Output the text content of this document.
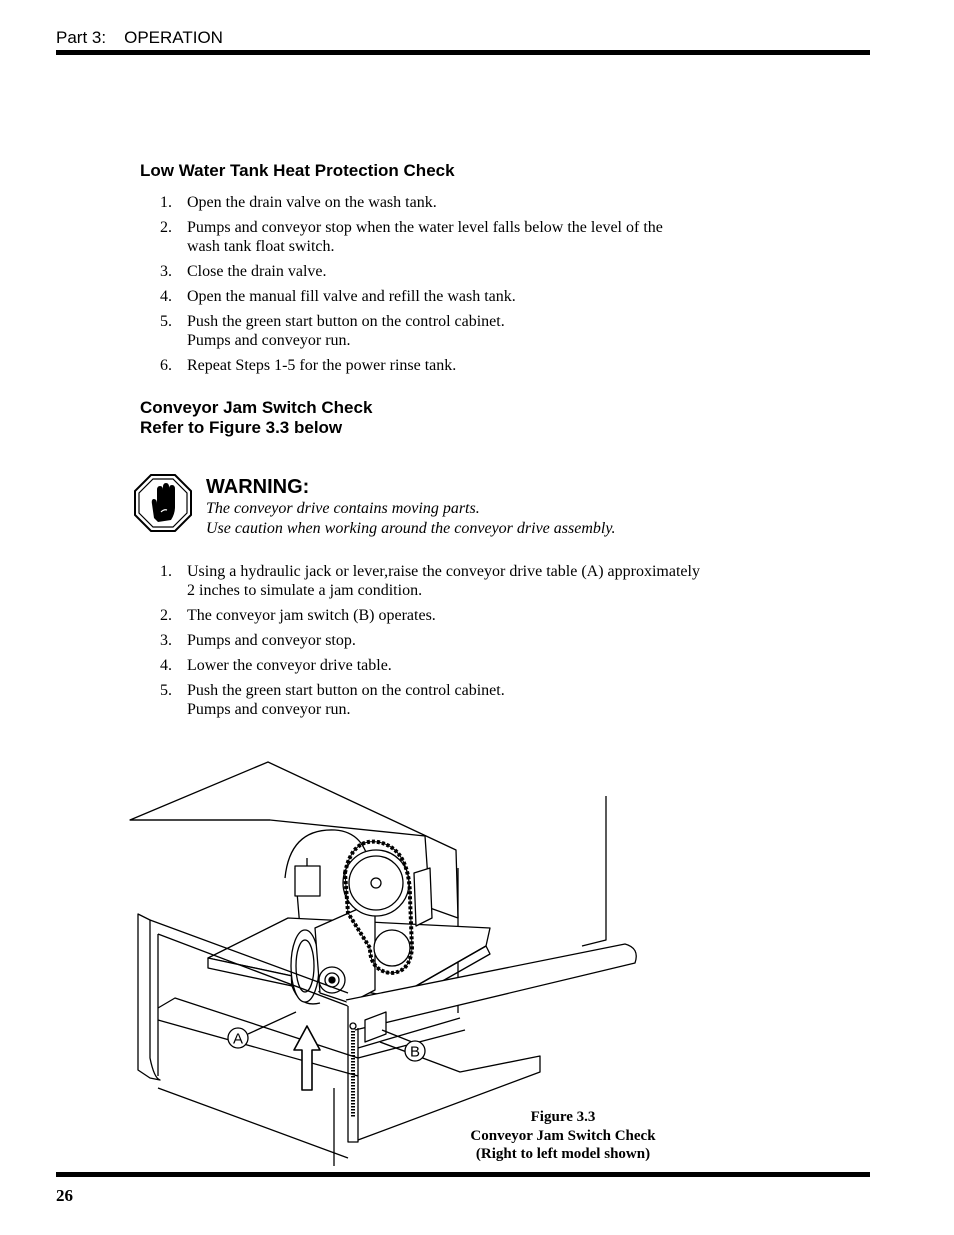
Part 3: OPERATION
Low Water Tank Heat Protection Check
1. Open the drain valve on the wash tank.
2. Pumps and conveyor stop when the water level falls below the level of the
wash tank float switch.
3. Close the drain valve.
4. Open the manual fill valve and refill the wash tank.
5. Push the green start button on the control cabinet.
Pumps and conveyor run.
6. Repeat Steps 1-5 for the power rinse tank.
Conveyor Jam Switch Check
Refer to Figure 3.3 below
WARNING:
The conveyor drive contains moving parts.
Use caution when working around the conveyor drive assembly.
1. Using a hydraulic jack or lever,raise the conveyor drive table (A) approximately
2 inches to simulate a jam condition.
2. The conveyor jam switch (B) operates.
3. Pumps and conveyor stop.
4. Lower the conveyor drive table.
5. Push the green start button on the control cabinet.
Pumps and conveyor run.
A
B
Figure 3.3
Conveyor Jam Switch Check
(Right to left model shown)
26
